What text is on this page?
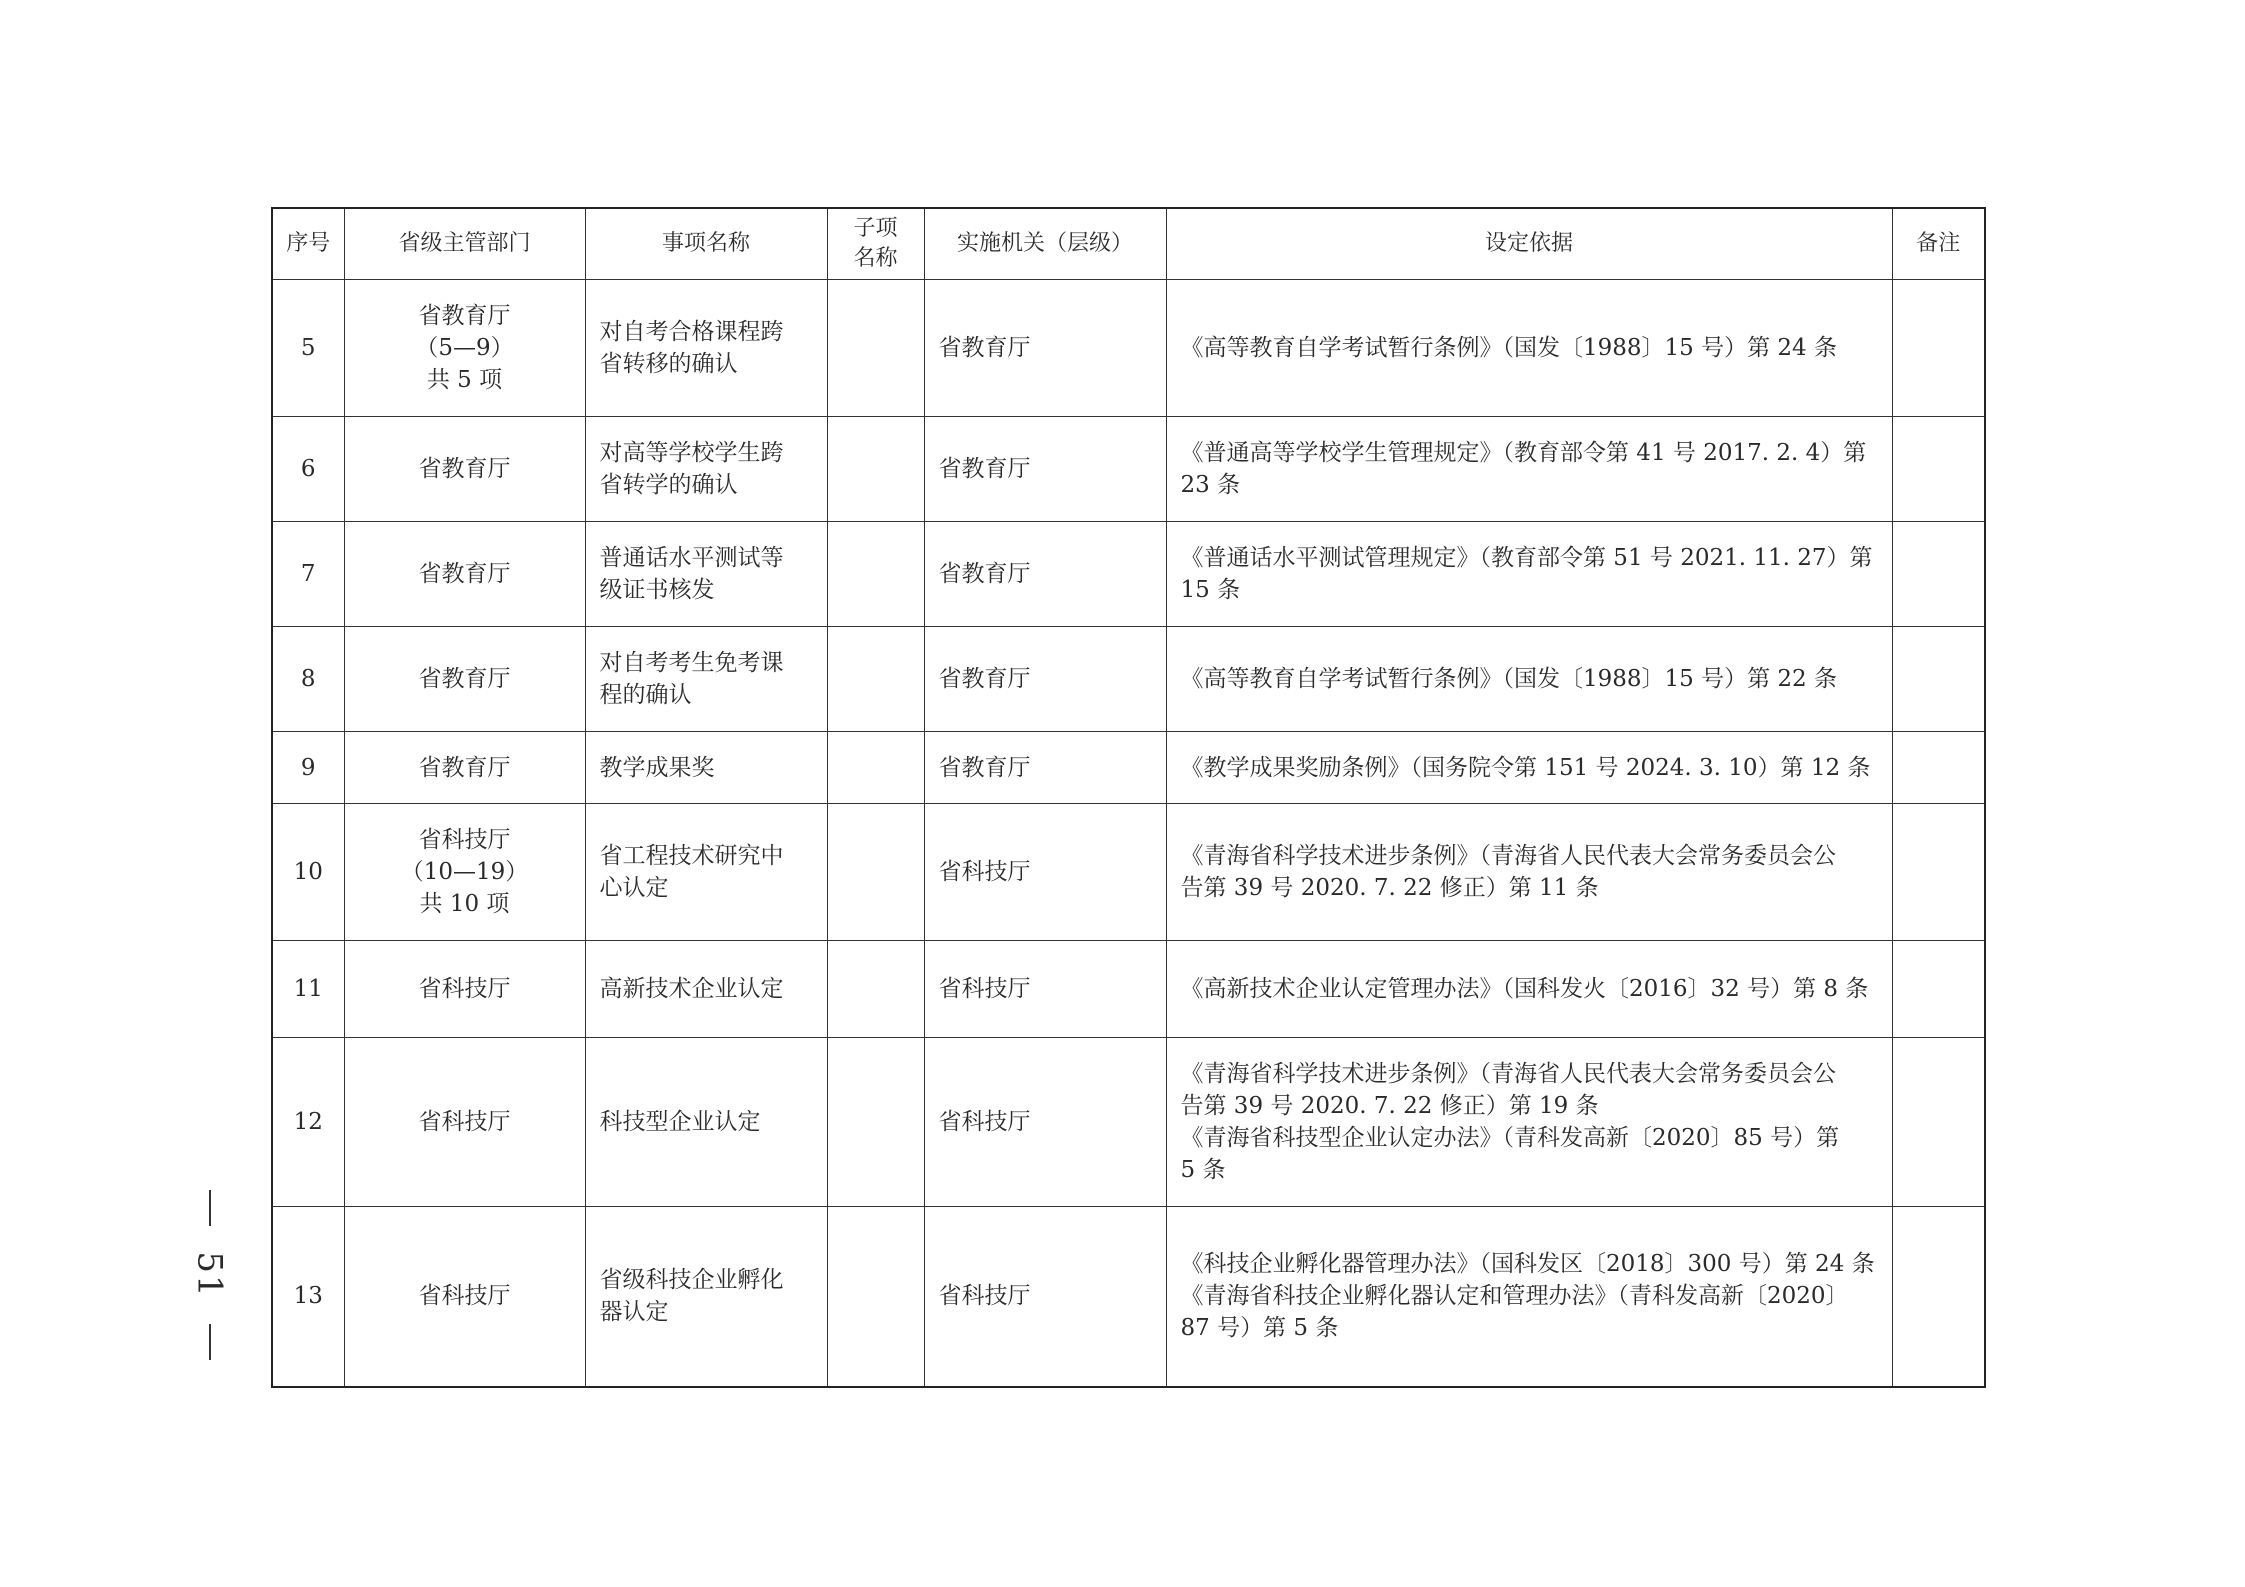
序号	省级主管部门	事项名称	子项
名称	实施机关（层级）	设定依据	备注
5	省教育厅
（5—9）
共 5 项	对自考合格课程跨
省转移的确认		省教育厅	《高等教育自学考试暂行条例》（国发〔1988〕15 号）第 24 条	

6	省教育厅	对高等学校学生跨
省转学的确认		省教育厅	《普通高等学校学生管理规定》（教育部令第 41 号 2017. 2. 4）第
23 条	

7	省教育厅	普通话水平测试等
级证书核发		省教育厅	《普通话水平测试管理规定》（教育部令第 51 号 2021. 11. 27）第
15 条	

8	省教育厅	对自考考生免考课
程的确认		省教育厅	《高等教育自学考试暂行条例》（国发〔1988〕15 号）第 22 条	

9	省教育厅	教学成果奖		省教育厅	《教学成果奖励条例》（国务院令第 151 号 2024. 3. 10）第 12 条	

10	省科技厅
（10—19）
共 10 项	省工程技术研究中
心认定		省科技厅	《青海省科学技术进步条例》（青海省人民代表大会常务委员会公
告第 39 号 2020. 7. 22 修正）第 11 条	

11	省科技厅	高新技术企业认定		省科技厅	《高新技术企业认定管理办法》（国科发火〔2016〕32 号）第 8 条	

12	省科技厅	科技型企业认定		省科技厅	《青海省科学技术进步条例》（青海省人民代表大会常务委员会公
告第 39 号 2020. 7. 22 修正）第 19 条
《青海省科技型企业认定办法》（青科发高新〔2020〕85 号）第
5 条	

13	省科技厅	省级科技企业孵化
器认定		省科技厅	《科技企业孵化器管理办法》（国科发区〔2018〕300 号）第 24 条
《青海省科技企业孵化器认定和管理办法》（青科发高新〔2020〕
87 号）第 5 条	

51
